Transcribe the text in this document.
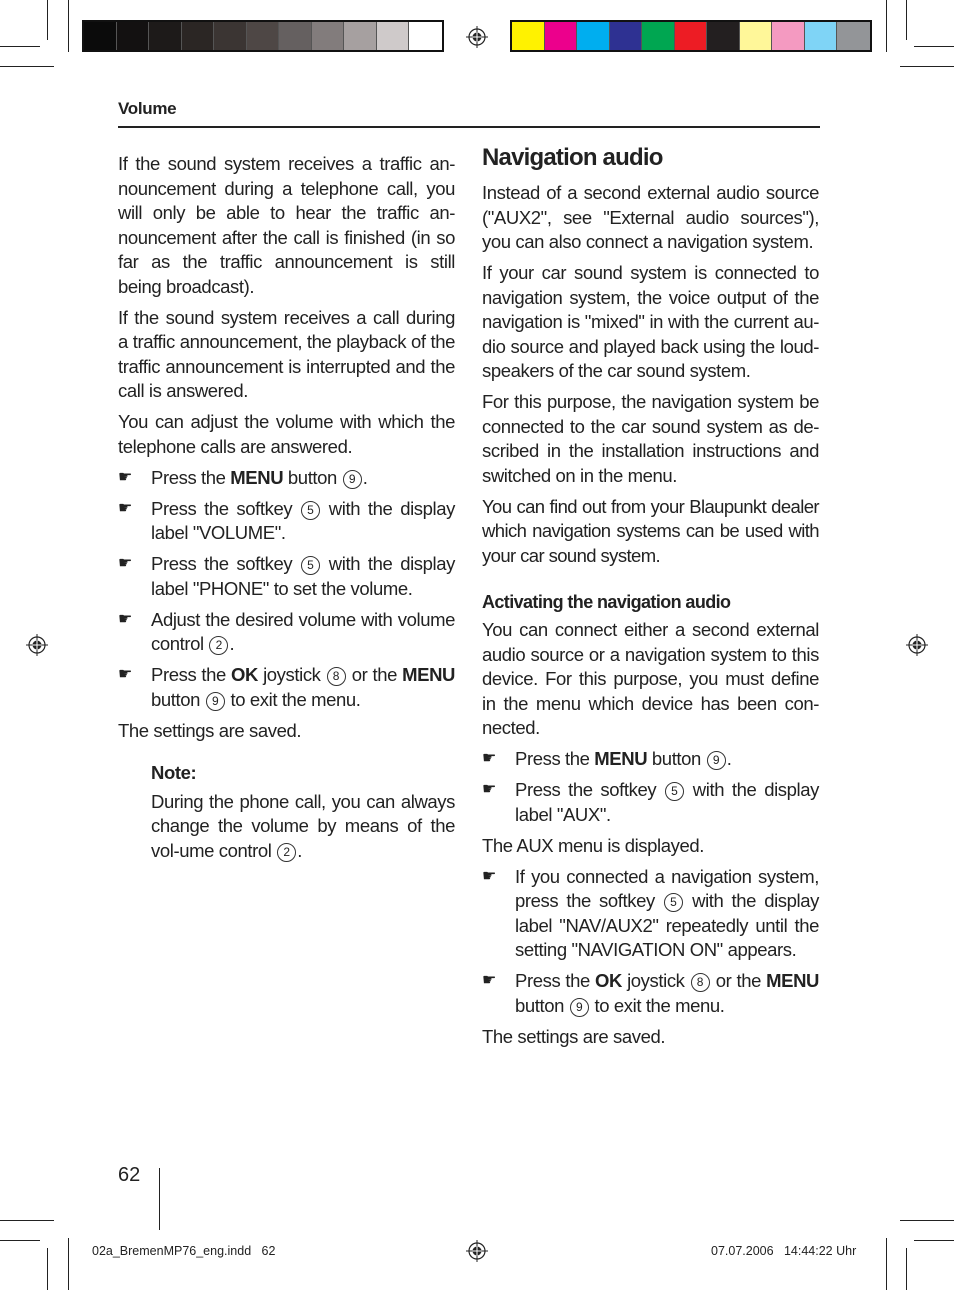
Volume

If the sound system receives a traffic an-nouncement during a telephone call, you will only be able to hear the traffic an-nouncement after the call is finished (in so far as the traffic announcement is still being broadcast).

If the sound system receives a call during a traffic announcement, the playback of the traffic announcement is interrupted and the call is answered.

You can adjust the volume with which the telephone calls are answered.

☛ Press the MENU button 9 .
☛ Press the softkey 5 with the display label "VOLUME".
☛ Press the softkey 5 with the display label "PHONE" to set the volume.
☛ Adjust the desired volume with volume control 2 .
☛ Press the OK joystick 8 or the MENU button 9 to exit the menu.

The settings are saved.

Note:
During the phone call, you can always change the volume by means of the vol-ume control 2 .
Navigation audio

Instead of a second external audio source ("AUX2", see "External audio sources"), you can also connect a navigation system.

If your car sound system is connected to navigation system, the voice output of the navigation is "mixed" in with the current au-dio source and played back using the loud-speakers of the car sound system.

For this purpose, the navigation system be connected to the car sound system as de-scribed in the installation instructions and switched on in the menu.

You can find out from your Blaupunkt dealer which navigation systems can be used with your car sound system.

Activating the navigation audio

You can connect either a second external audio source or a navigation system to this device. For this purpose, you must define in the menu which device has been con-nected.

☛ Press the MENU button 9 .
☛ Press the softkey 5 with the display label "AUX".

The AUX menu is displayed.

☛ If you connected a navigation system, press the softkey 5 with the display label "NAV/AUX2" repeatedly until the setting "NAVIGATION ON" appears.
☛ Press the OK joystick 8 or the MENU button 9 to exit the menu.

The settings are saved.

62
02a_BremenMP76_eng.indd   62	07.07.2006   14:44:22 Uhr
